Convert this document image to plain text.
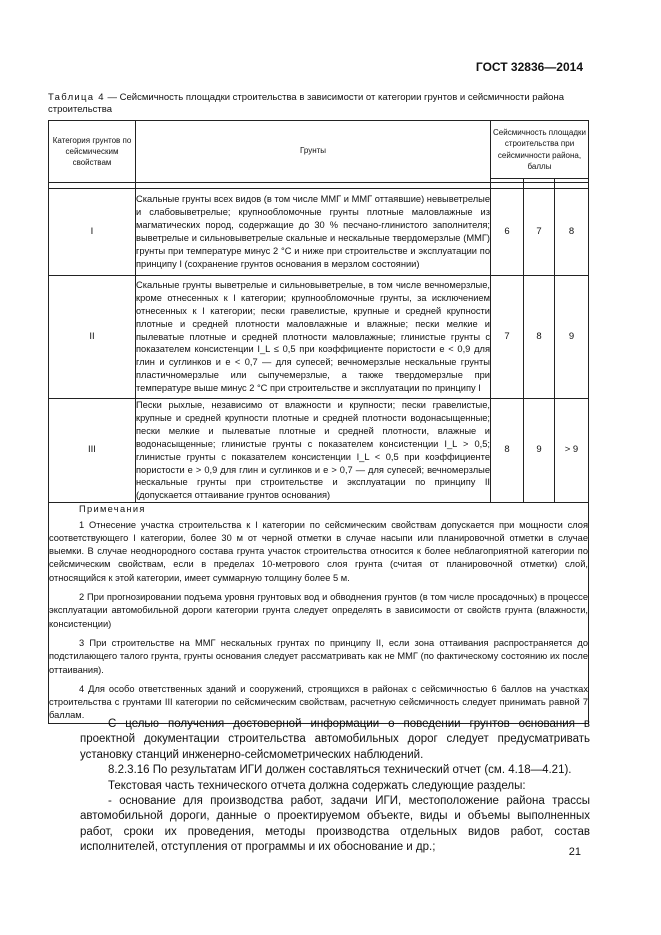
ГОСТ 32836—2014
Таблица 4 — Сейсмичность площадки строительства в зависимости от категории грунтов и сейсмичности района строительства
Категория грунтов по сейсмическим свойствам	Грунты	Сейсмичность площадки строительства при сейсмичности района, баллы		

I	Скальные грунты всех видов (в том числе ММГ и ММГ оттаявшие) невыветрелые и слабовыветрелые; крупнообломочные грунты плотные маловлажные из магматических пород, содержащие до 30 % песчано-глинистого заполнителя; выветрелые и сильновыветрелые скальные и нескальные твердомерзлые (ММГ) грунты при температуре минус 2 °C и ниже при строительстве и эксплуатации по принципу I (сохранение грунтов основания в мерзлом состоянии)	6	7	8
II	Скальные грунты выветрелые и сильновыветрелые, в том числе вечномерзлые, кроме отнесенных к I категории; крупнообломочные грунты, за исключением отнесенных к I категории; пески гравелистые, крупные и средней крупности плотные и средней плотности маловлажные и влажные; пески мелкие и пылеватые плотные и средней плотности маловлажные; глинистые грунты с показателем консистенции I_L ≤ 0,5 при коэффициенте пористости e < 0,9 для глин и суглинков и e < 0,7 — для супесей; вечномерзлые нескальные грунты пластичномерзлые или сыпучемерзлые, а также твердомерзлые при температуре выше минус 2 °C при строительстве и эксплуатации по принципу I	7	8	9
III	Пески рыхлые, независимо от влажности и крупности; пески гравелистые, крупные и средней крупности плотные и средней плотности водонасыщенные; пески мелкие и пылеватые плотные и средней плотности, влажные и водонасыщенные; глинистые грунты с показателем консистенции I_L > 0,5; глинистые грунты с показателем консистенции I_L < 0,5 при коэффициенте пористости e > 0,9 для глин и суглинков и e > 0,7 — для супесей; вечномерзлые нескальные грунты при строительстве и эксплуатации по принципу II (допускается оттаивание грунтов основания)	8	9	> 9

Примечания

1 Отнесение участка строительства к I категории по сейсмическим свойствам допускается при мощности слоя соответствующего I категории, более 30 м от черной отметки в случае насыпи или планировочной отметки в случае выемки. В случае неоднородного состава грунта участок строительства относится к более неблагоприятной категории по сейсмическим свойствам, если в пределах 10-метрового слоя грунта (считая от планировочной отметки) слой, относящийся к этой категории, имеет суммарную толщину более 5 м.

2 При прогнозировании подъема уровня грунтовых вод и обводнения грунтов (в том числе просадочных) в процессе эксплуатации автомобильной дороги категории грунта следует определять в зависимости от свойств грунта (влажности, консистенции)

3 При строительстве на ММГ нескальных грунтах по принципу II, если зона оттаивания распространяется до подстилающего талого грунта, грунты основания следует рассматривать как не ММГ (по фактическому состоянию их после оттаивания).

4 Для особо ответственных зданий и сооружений, строящихся в районах с сейсмичностью 6 баллов на участках строительства с грунтами III категории по сейсмическим свойствам, расчетную сейсмичность следует принимать равной 7 баллам.				

С целью получения достоверной информации о поведении грунтов основания в проектной документации строительства автомобильных дорог следует предусматривать установку станций инженерно-сейсмометрических наблюдений.

8.2.3.16 По результатам ИГИ должен составляться технический отчет (см. 4.18—4.21).

Текстовая часть технического отчета должна содержать следующие разделы:

- основание для производства работ, задачи ИГИ, местоположение района трассы автомобильной дороги, данные о проектируемом объекте, виды и объемы выполненных работ, сроки их проведения, методы производства отдельных видов работ, состав исполнителей, отступления от программы и их обоснование и др.;	21
